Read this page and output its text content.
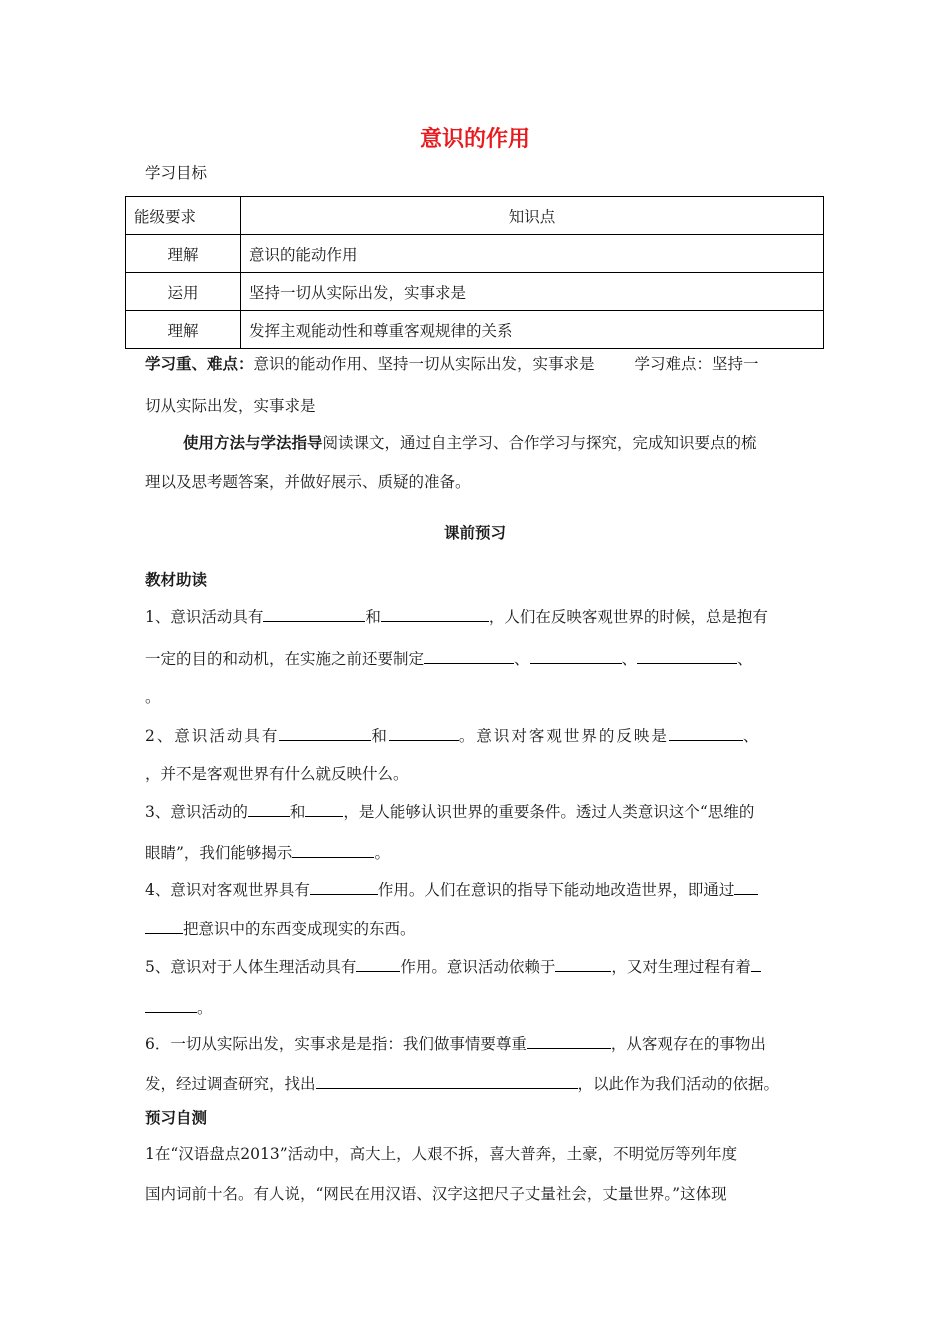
意识的作用
学习目标
能级要求	知识点
理解	意识的能动作用
运用	坚持一切从实际出发，实事求是
理解	发挥主观能动性和尊重客观规律的关系
学习重、难点：意识的能动作用、坚持一切从实际出发，实事求是	学习难点：坚持一
切从实际出发，实事求是
使用方法与学法指导阅读课文，通过自主学习、合作学习与探究，完成知识要点的梳
理以及思考题答案，并做好展示、质疑的准备。
课前预习
教材助读
1、意识活动具有	和	，人们在反映客观世界的时候，总是抱有
一定的目的和动机，在实施之前还要制定	、	、	、
。
2、意识活动具有	和	。意识对客观世界的反映是	、
，并不是客观世界有什么就反映什么。
3、意识活动的	和 ，是人能够认识世界的重要条件。透过人类意识这个“思维的
眼睛”，我们能够揭示	。
4、意识对客观世界具有	作用。人们在意识的指导下能动地改造世界，即通过
把意识中的东西变成现实的东西。
5、意识对于人体生理活动具有	作用。意识活动依赖于	，又对生理过程有着
。
6．一切从实际出发，实事求是是指：我们做事情要尊重	，从客观存在的事物出
发，经过调查研究，找出	，以此作为我们活动的依据。
预习自测
1在“汉语盘点2013”活动中，高大上，人艰不拆，喜大普奔，土豪，不明觉厉等列年度
国内词前十名。有人说，“网民在用汉语、汉字这把尺子丈量社会，丈量世界。”这体现
